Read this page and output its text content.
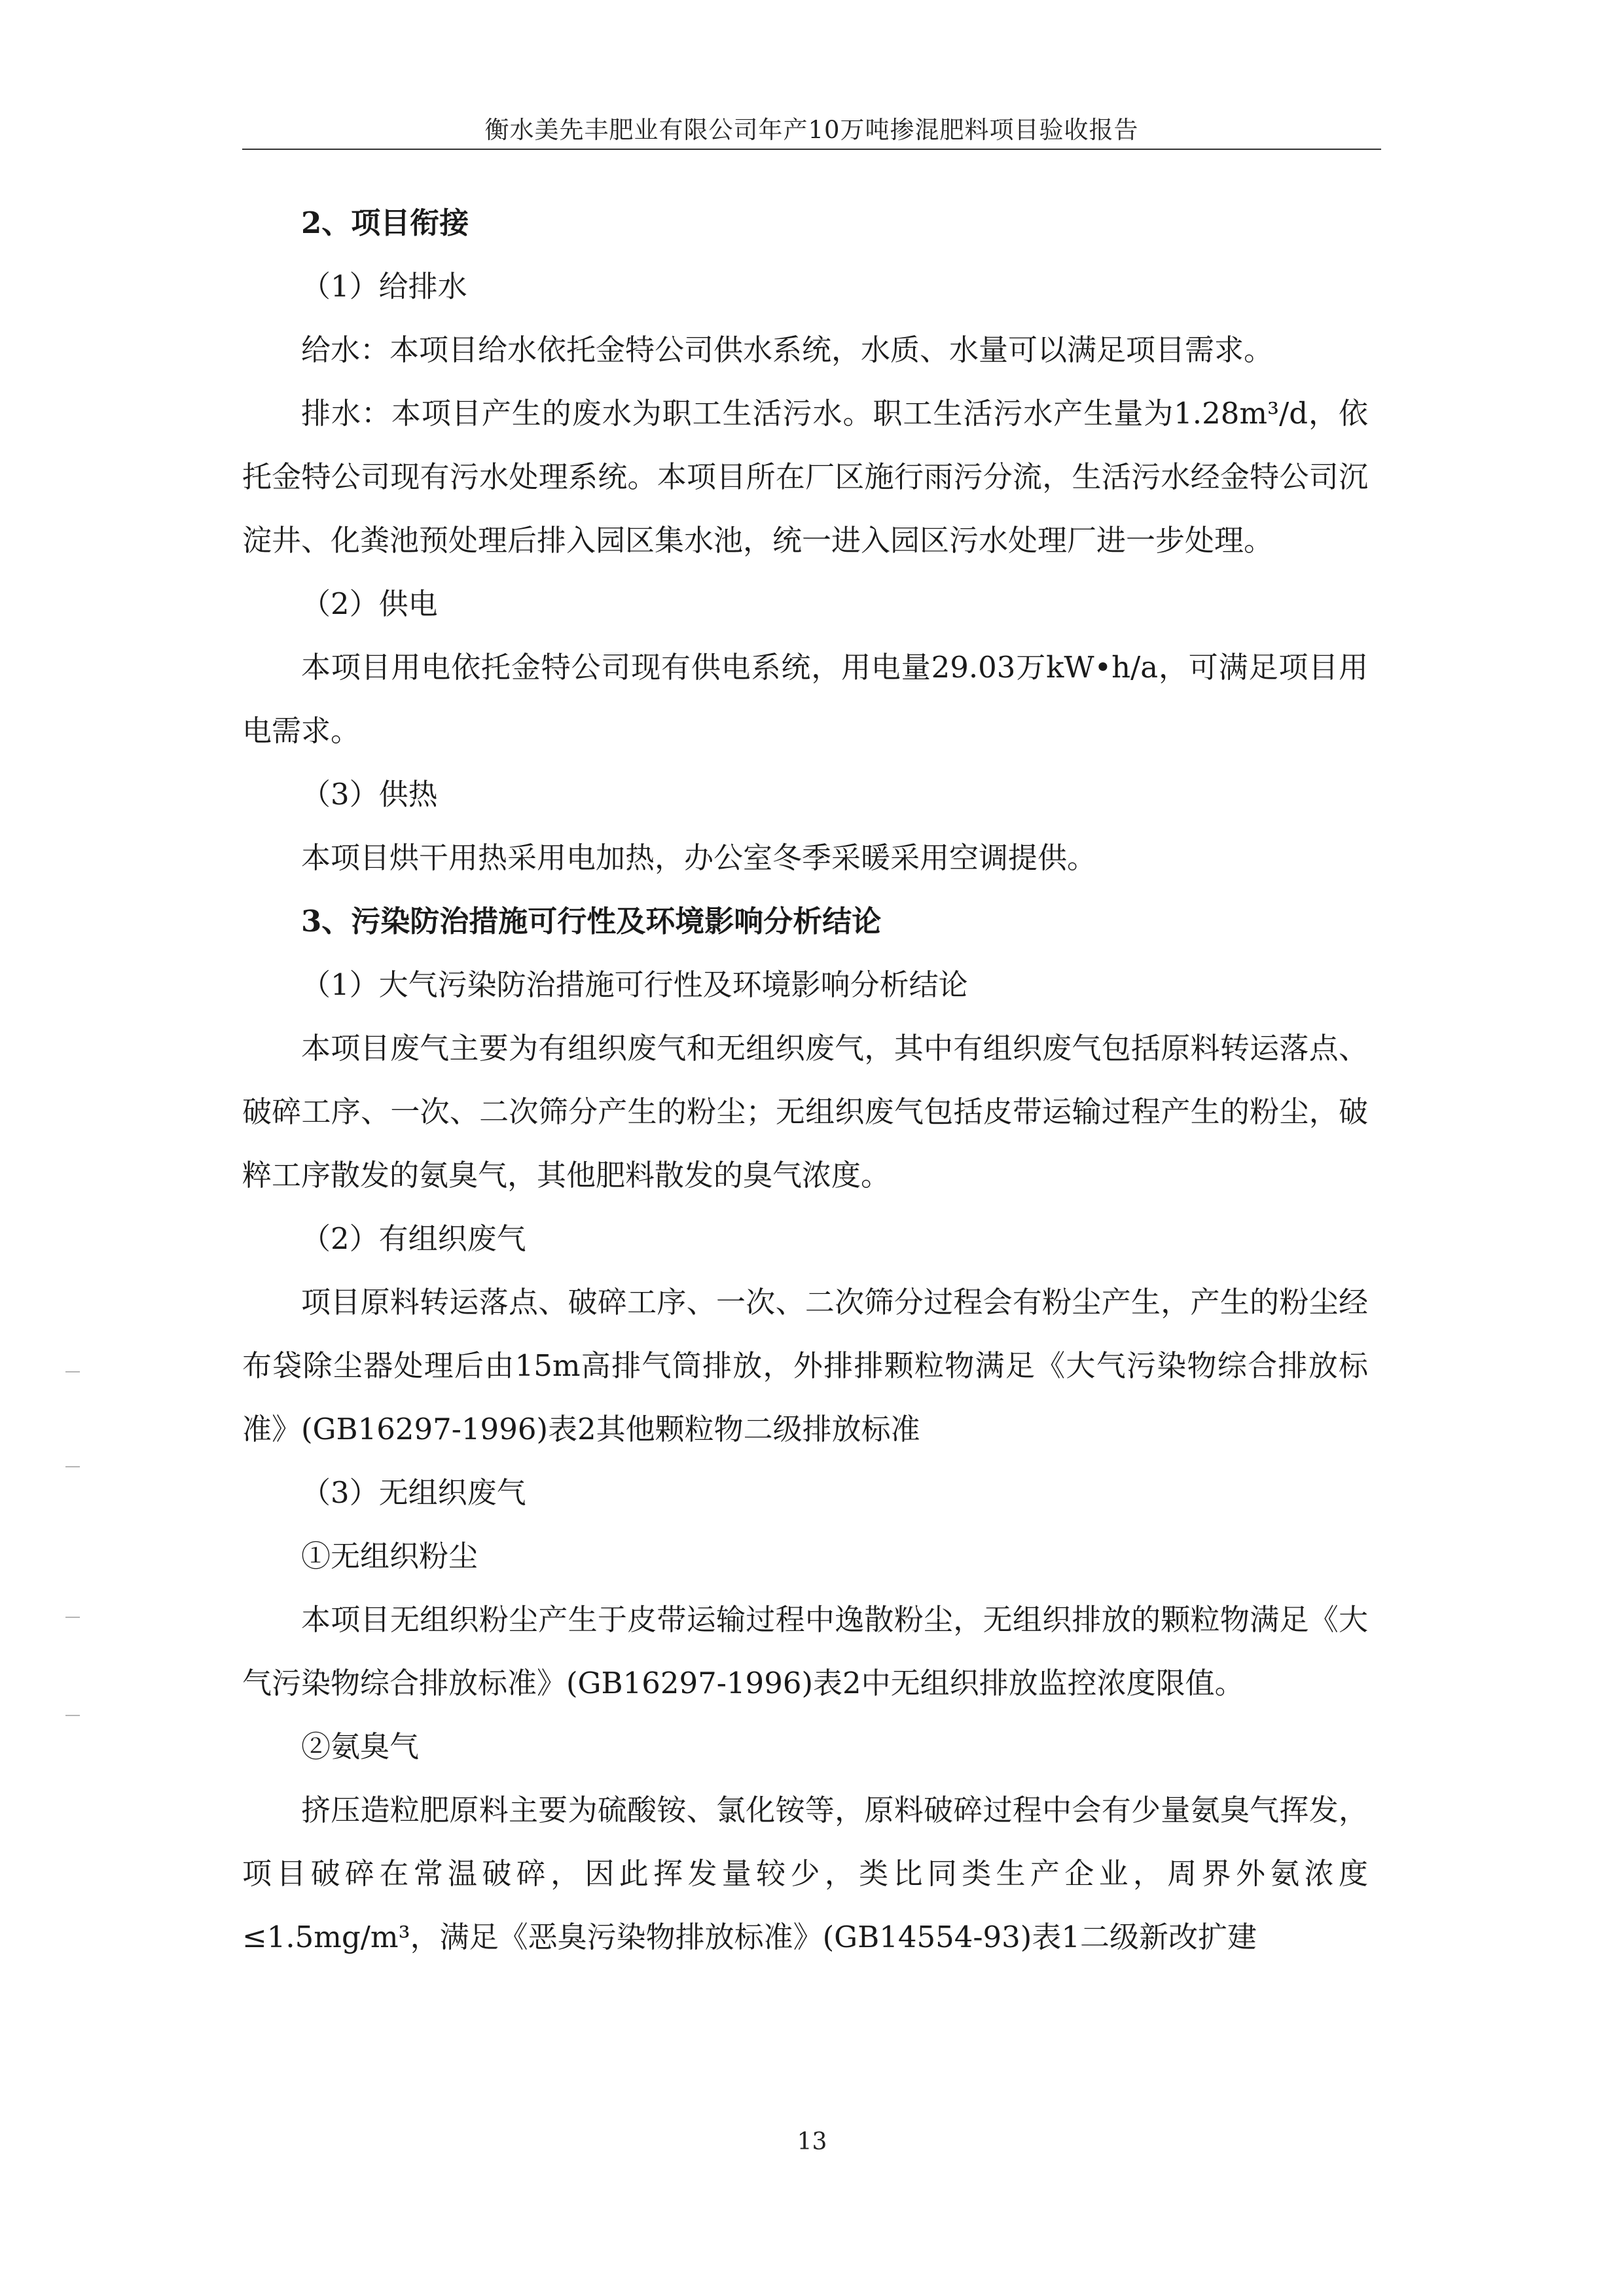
衡水美先丰肥业有限公司年产10万吨掺混肥料项目验收报告

2、项目衔接

（1）给排水

给水：本项目给水依托金特公司供水系统，水质、水量可以满足项目需求。

排水：本项目产生的废水为职工生活污水。职工生活污水产生量为1.28m³/d，依托金特公司现有污水处理系统。本项目所在厂区施行雨污分流，生活污水经金特公司沉淀井、化粪池预处理后排入园区集水池，统一进入园区污水处理厂进一步处理。

（2）供电

本项目用电依托金特公司现有供电系统，用电量29.03万kW•h/a，可满足项目用电需求。

（3）供热

本项目烘干用热采用电加热，办公室冬季采暖采用空调提供。

3、污染防治措施可行性及环境影响分析结论

（1）大气污染防治措施可行性及环境影响分析结论

本项目废气主要为有组织废气和无组织废气，其中有组织废气包括原料转运落点、破碎工序、一次、二次筛分产生的粉尘；无组织废气包括皮带运输过程产生的粉尘，破粹工序散发的氨臭气，其他肥料散发的臭气浓度。

（2）有组织废气

项目原料转运落点、破碎工序、一次、二次筛分过程会有粉尘产生，产生的粉尘经布袋除尘器处理后由15m高排气筒排放，外排排颗粒物满足《大气污染物综合排放标准》(GB16297-1996)表2其他颗粒物二级排放标准

（3）无组织废气

①无组织粉尘

本项目无组织粉尘产生于皮带运输过程中逸散粉尘，无组织排放的颗粒物满足《大气污染物综合排放标准》(GB16297-1996)表2中无组织排放监控浓度限值。

②氨臭气

挤压造粒肥原料主要为硫酸铵、氯化铵等，原料破碎过程中会有少量氨臭气挥发，项目破碎在常温破碎，因此挥发量较少，类比同类生产企业，周界外氨浓度≤1.5mg/m³，满足《恶臭污染物排放标准》(GB14554-93)表1二级新改扩建

13
